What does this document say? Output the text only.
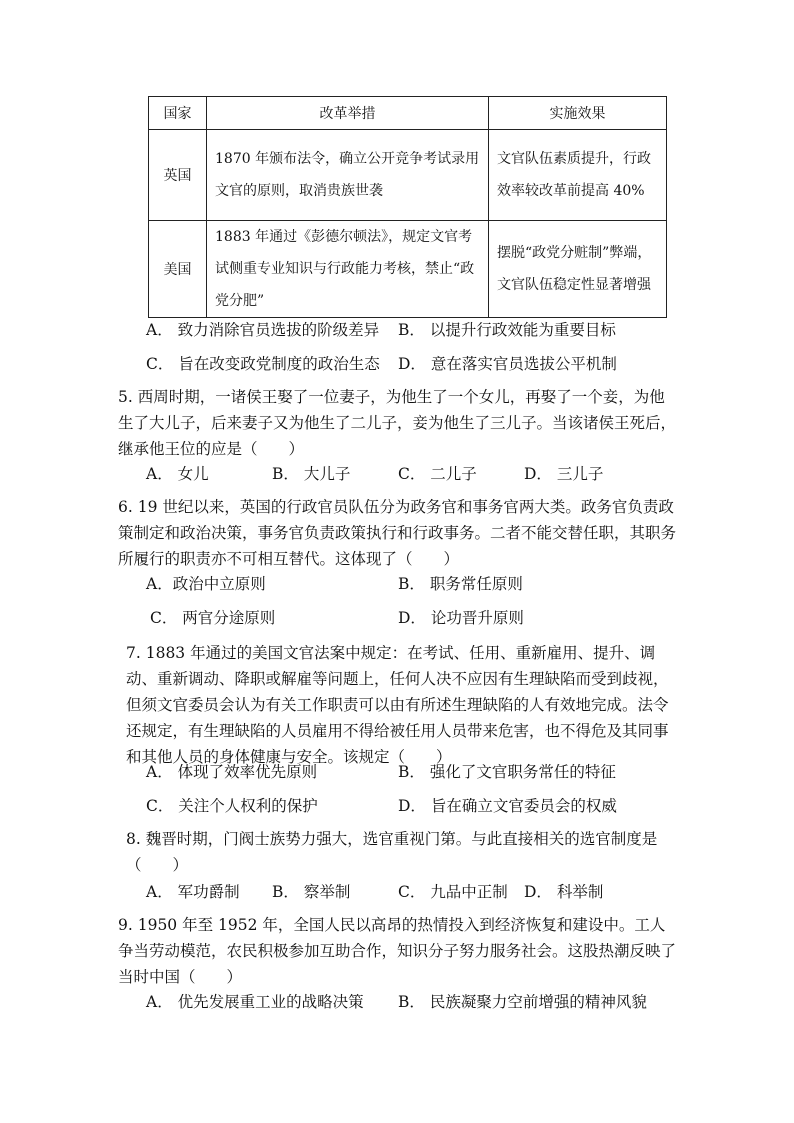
国家	改革举措	实施效果
英国	1870 年颁布法令，确立公开竞争考试录用文官的原则，取消贵族世袭	文官队伍素质提升，行政效率较改革前提高 40%
美国	1883 年通过《彭德尔顿法》，规定文官考试侧重专业知识与行政能力考核，禁止“政党分肥”	摆脱“政党分赃制”弊端，文官队伍稳定性显著增强
A． 致力消除官员选拔的阶级差异 B． 以提升行政效能为重要目标
C． 旨在改变政党制度的政治生态 D． 意在落实官员选拔公平机制

5. 西周时期，一诸侯王娶了一位妻子，为他生了一个女儿，再娶了一个妾，为他生了大儿子，后来妻子又为他生了二儿子，妾为他生了三儿子。当该诸侯王死后，继承他王位的应是（　　）

A． 女儿	B． 大儿子	C． 二儿子	D． 三儿子

6. 19 世纪以来，英国的行政官员队伍分为政务官和事务官两大类。政务官负责政策制定和政治决策，事务官负责政策执行和行政事务。二者不能交替任职，其职务所履行的职责亦不可相互替代。这体现了（　　）

A．政治中立原则	B． 职务常任原则
C． 两官分途原则	D． 论功晋升原则

7. 1883 年通过的美国文官法案中规定：在考试、任用、重新雇用、提升、调动、重新调动、降职或解雇等问题上，任何人决不应因有生理缺陷而受到歧视，但须文官委员会认为有关工作职责可以由有所述生理缺陷的人有效地完成。法令还规定，有生理缺陷的人员雇用不得给被任用人员带来危害，也不得危及其同事和其他人员的身体健康与安全。该规定（　　）

A． 体现了效率优先原则	B． 强化了文官职务常任的特征
C． 关注个人权利的保护	D． 旨在确立文官委员会的权威

8. 魏晋时期，门阀士族势力强大，选官重视门第。与此直接相关的选官制度是（　　）

A． 军功爵制 B． 察举制	C． 九品中正制 D． 科举制

9. 1950 年至 1952 年，全国人民以高昂的热情投入到经济恢复和建设中。工人争当劳动模范，农民积极参加互助合作，知识分子努力服务社会。这股热潮反映了当时中国（　　）

A． 优先发展重工业的战略决策 B． 民族凝聚力空前增强的精神风貌
